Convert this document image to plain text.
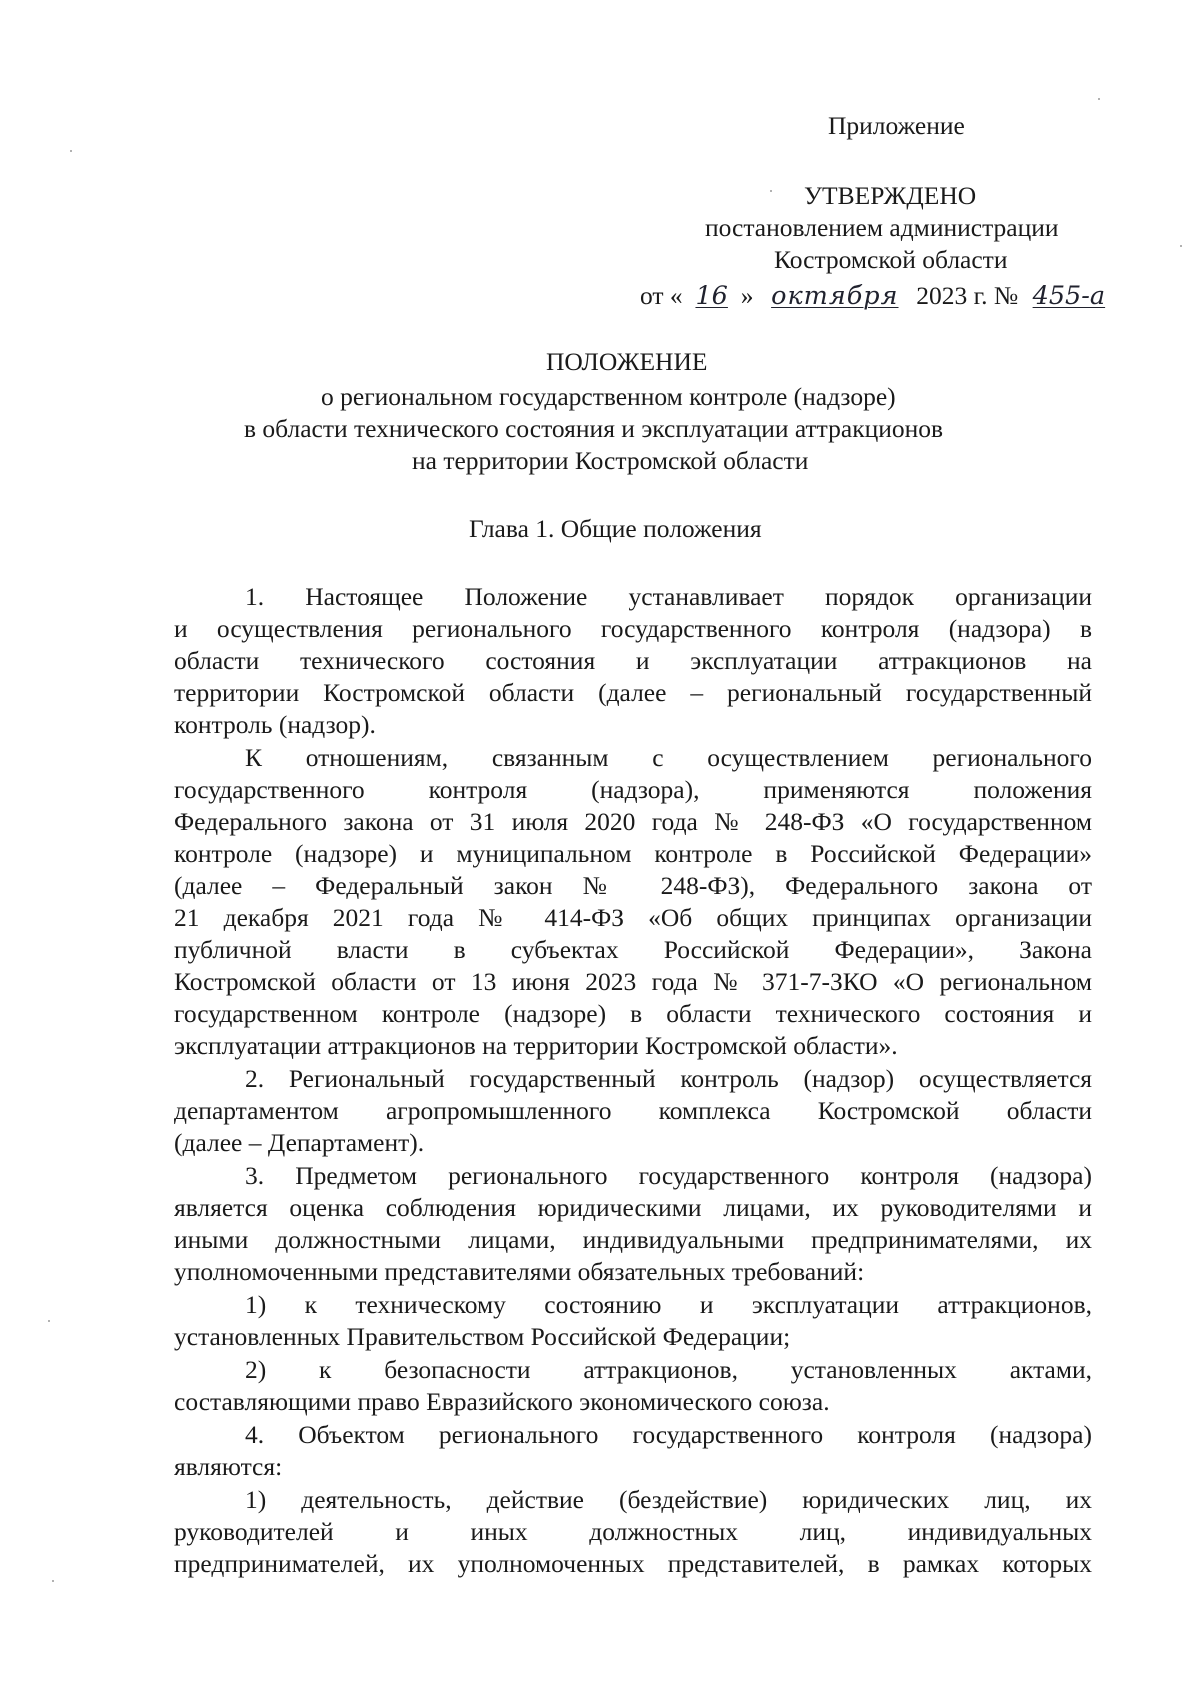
Приложение
УТВЕРЖДЕНО
постановлением администрации
Костромской области
от « 16 » октября 2023 г. № 455-а
ПОЛОЖЕНИЕ
о региональном государственном контроле (надзоре)
в области технического состояния и эксплуатации аттракционов
на территории Костромской области
Глава 1. Общие положения
1. Настоящее Положение устанавливает порядок организации
и осуществления регионального государственного контроля (надзора) в
области технического состояния и эксплуатации аттракционов на
территории Костромской области (далее – региональный государственный
контроль (надзор).
К отношениям, связанным с осуществлением регионального
государственного контроля (надзора), применяются положения
Федерального закона от 31 июля 2020 года № 248-ФЗ «О государственном
контроле (надзоре) и муниципальном контроле в Российской Федерации»
(далее – Федеральный закон № 248-ФЗ), Федерального закона от
21 декабря 2021 года № 414-ФЗ «Об общих принципах организации
публичной власти в субъектах Российской Федерации», Закона
Костромской области от 13 июня 2023 года № 371-7-ЗКО «О региональном
государственном контроле (надзоре) в области технического состояния и
эксплуатации аттракционов на территории Костромской области».
2. Региональный государственный контроль (надзор) осуществляется
департаментом агропромышленного комплекса Костромской области
(далее – Департамент).
3. Предметом регионального государственного контроля (надзора)
является оценка соблюдения юридическими лицами, их руководителями и
иными должностными лицами, индивидуальными предпринимателями, их
уполномоченными представителями обязательных требований:
1) к техническому состоянию и эксплуатации аттракционов,
установленных Правительством Российской Федерации;
2) к безопасности аттракционов, установленных актами,
составляющими право Евразийского экономического союза.
4. Объектом регионального государственного контроля (надзора)
являются:
1) деятельность, действие (бездействие) юридических лиц, их
руководителей и иных должностных лиц, индивидуальных
предпринимателей, их уполномоченных представителей, в рамках которых
